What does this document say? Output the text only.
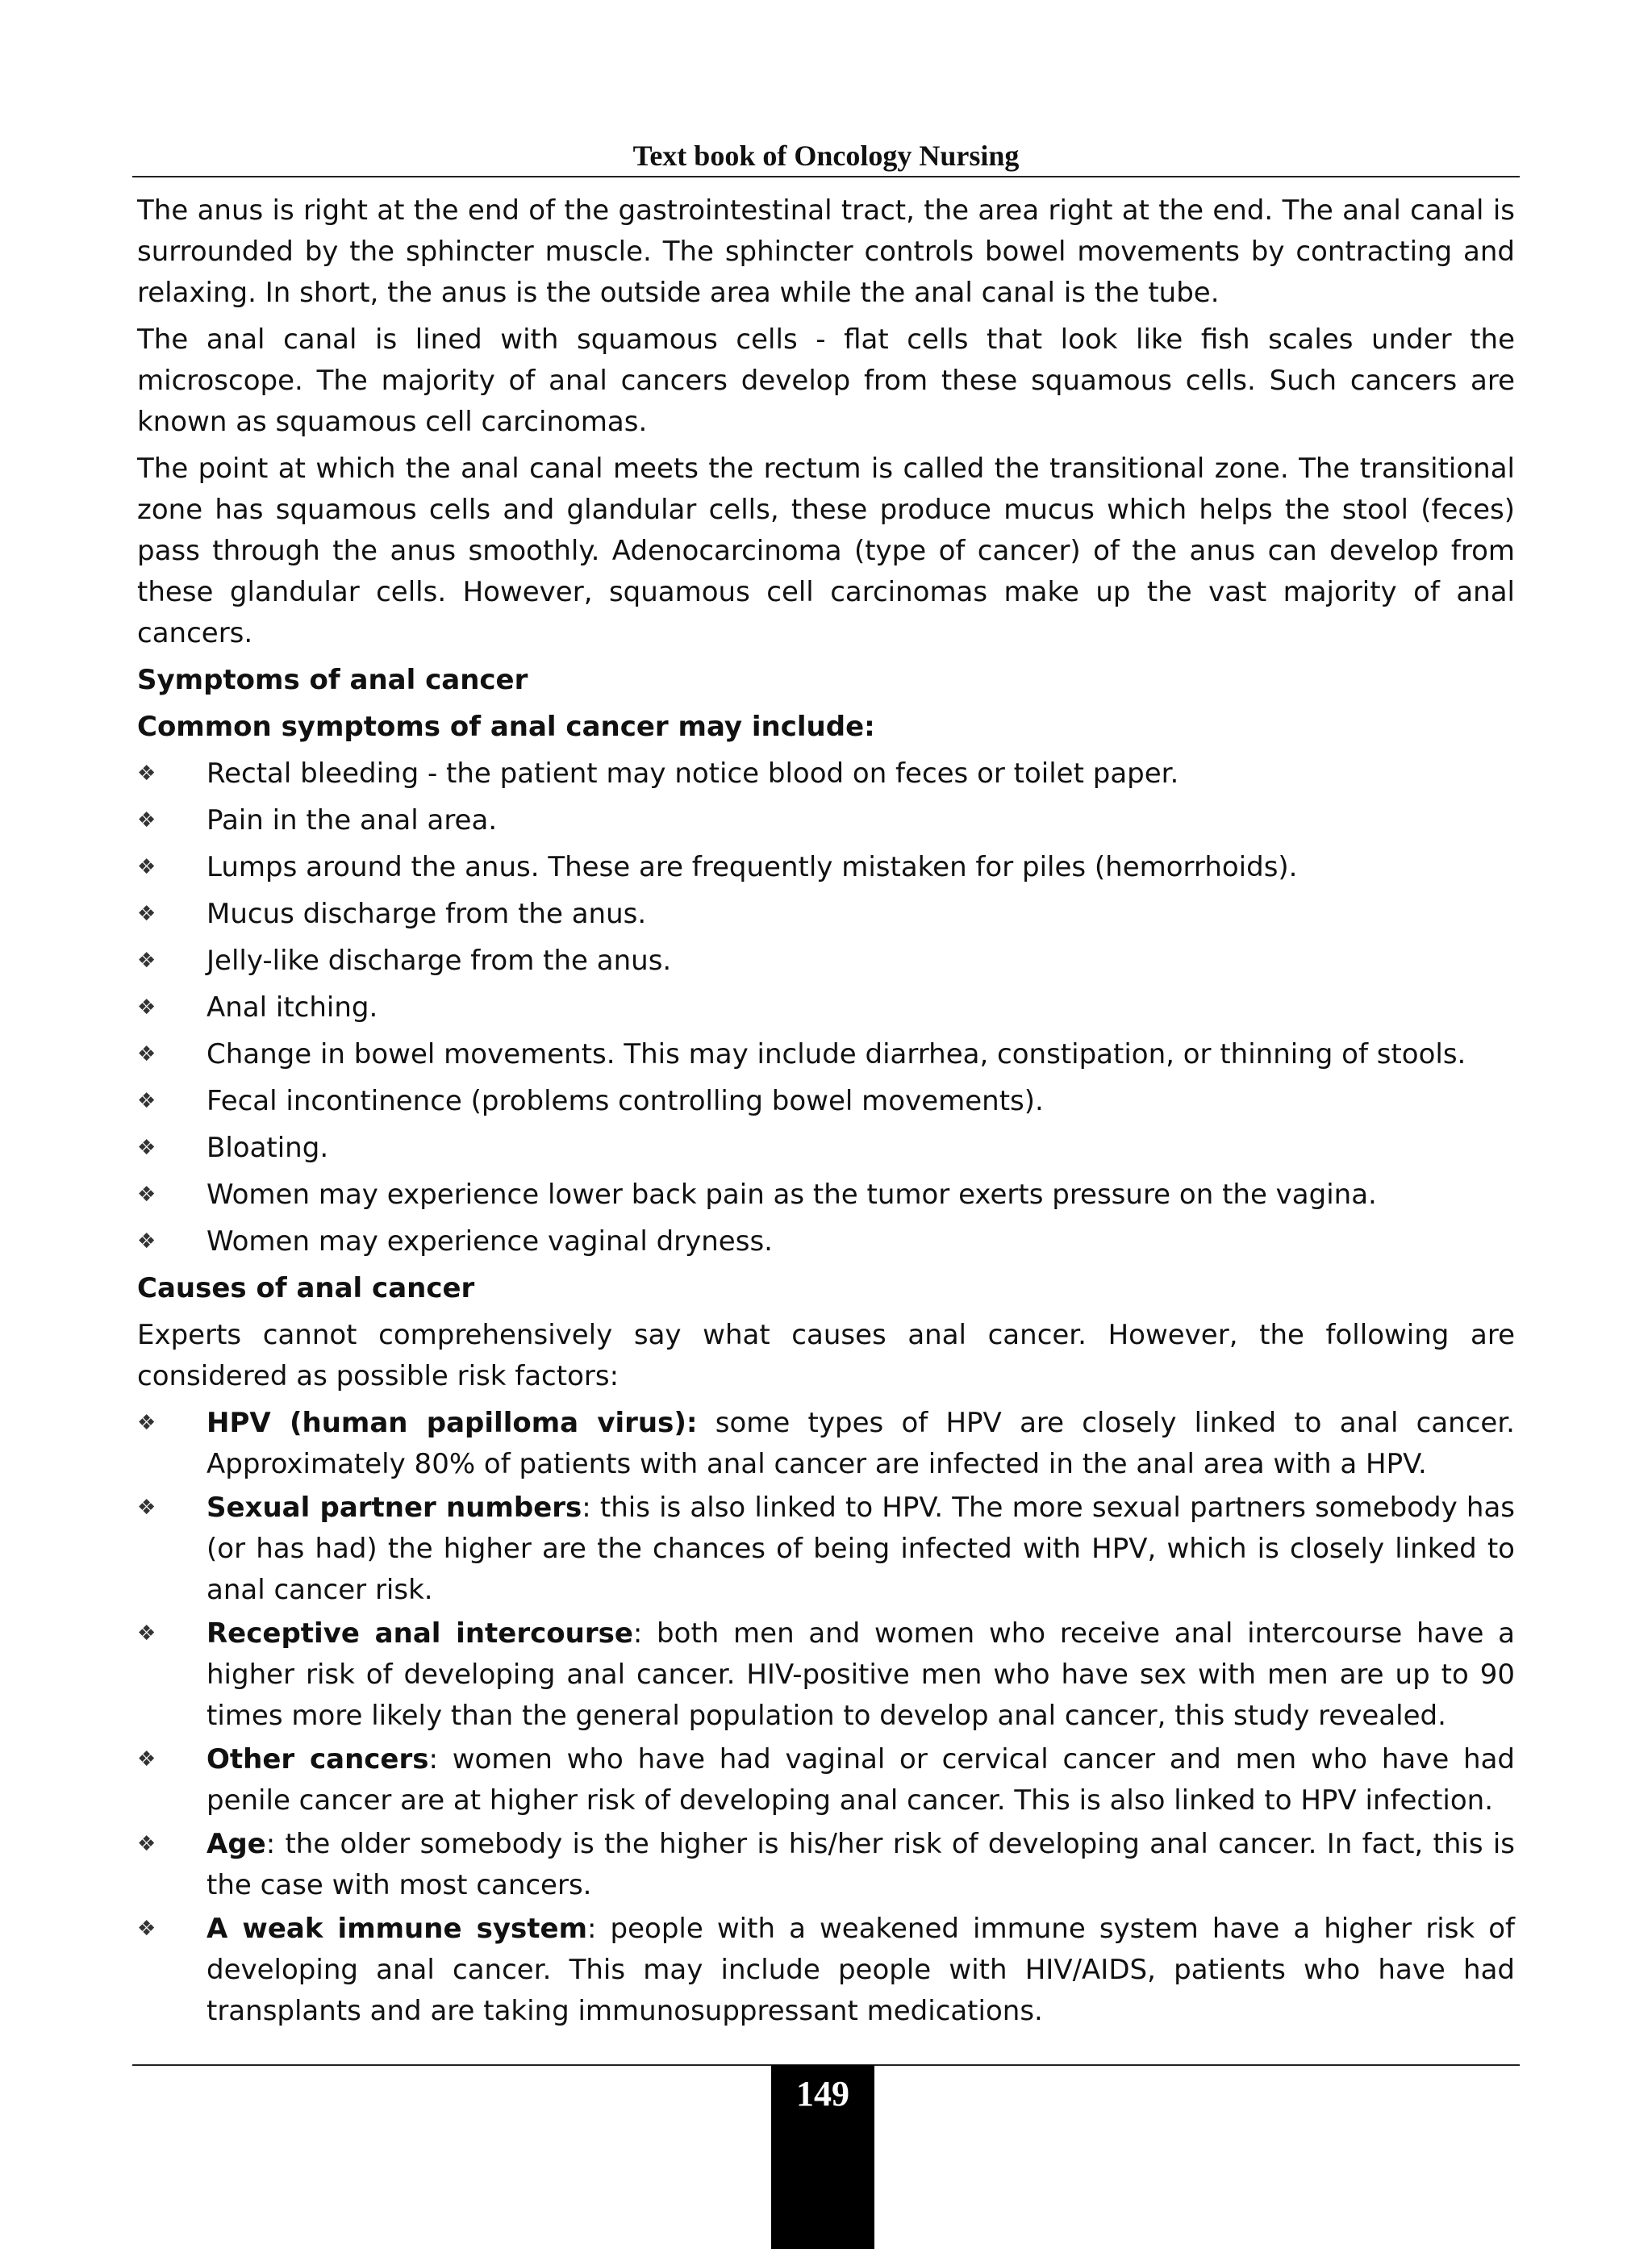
Text book of Oncology Nursing

The anus is right at the end of the gastrointestinal tract, the area right at the end. The anal canal is surrounded by the sphincter muscle. The sphincter controls bowel movements by contracting and relaxing. In short, the anus is the outside area while the anal canal is the tube.

The anal canal is lined with squamous cells - flat cells that look like fish scales under the microscope. The majority of anal cancers develop from these squamous cells. Such cancers are known as squamous cell carcinomas.

The point at which the anal canal meets the rectum is called the transitional zone. The transitional zone has squamous cells and glandular cells, these produce mucus which helps the stool (feces) pass through the anus smoothly. Adenocarcinoma (type of cancer) of the anus can develop from these glandular cells. However, squamous cell carcinomas make up the vast majority of anal cancers.

Symptoms of anal cancer
Common symptoms of anal cancer may include:
❖	Rectal bleeding - the patient may notice blood on feces or toilet paper.
❖	Pain in the anal area.
❖	Lumps around the anus. These are frequently mistaken for piles (hemorrhoids).
❖	Mucus discharge from the anus.
❖	Jelly-like discharge from the anus.
❖	Anal itching.
❖	Change in bowel movements. This may include diarrhea, constipation, or thinning of stools.
❖	Fecal incontinence (problems controlling bowel movements).
❖	Bloating.
❖	Women may experience lower back pain as the tumor exerts pressure on the vagina.
❖	Women may experience vaginal dryness.
Causes of anal cancer

Experts cannot comprehensively say what causes anal cancer. However, the following are considered as possible risk factors:

❖	HPV (human papilloma virus): some types of HPV are closely linked to anal cancer. Approximately 80% of patients with anal cancer are infected in the anal area with a HPV.
❖	Sexual partner numbers: this is also linked to HPV. The more sexual partners somebody has (or has had) the higher are the chances of being infected with HPV, which is closely linked to anal cancer risk.
❖	Receptive anal intercourse: both men and women who receive anal intercourse have a higher risk of developing anal cancer. HIV-positive men who have sex with men are up to 90 times more likely than the general population to develop anal cancer, this study revealed.
❖	Other cancers: women who have had vaginal or cervical cancer and men who have had penile cancer are at higher risk of developing anal cancer. This is also linked to HPV infection.
❖	Age: the older somebody is the higher is his/her risk of developing anal cancer. In fact, this is the case with most cancers.
❖	A weak immune system: people with a weakened immune system have a higher risk of developing anal cancer. This may include people with HIV/AIDS, patients who have had transplants and are taking immunosuppressant medications.
149
